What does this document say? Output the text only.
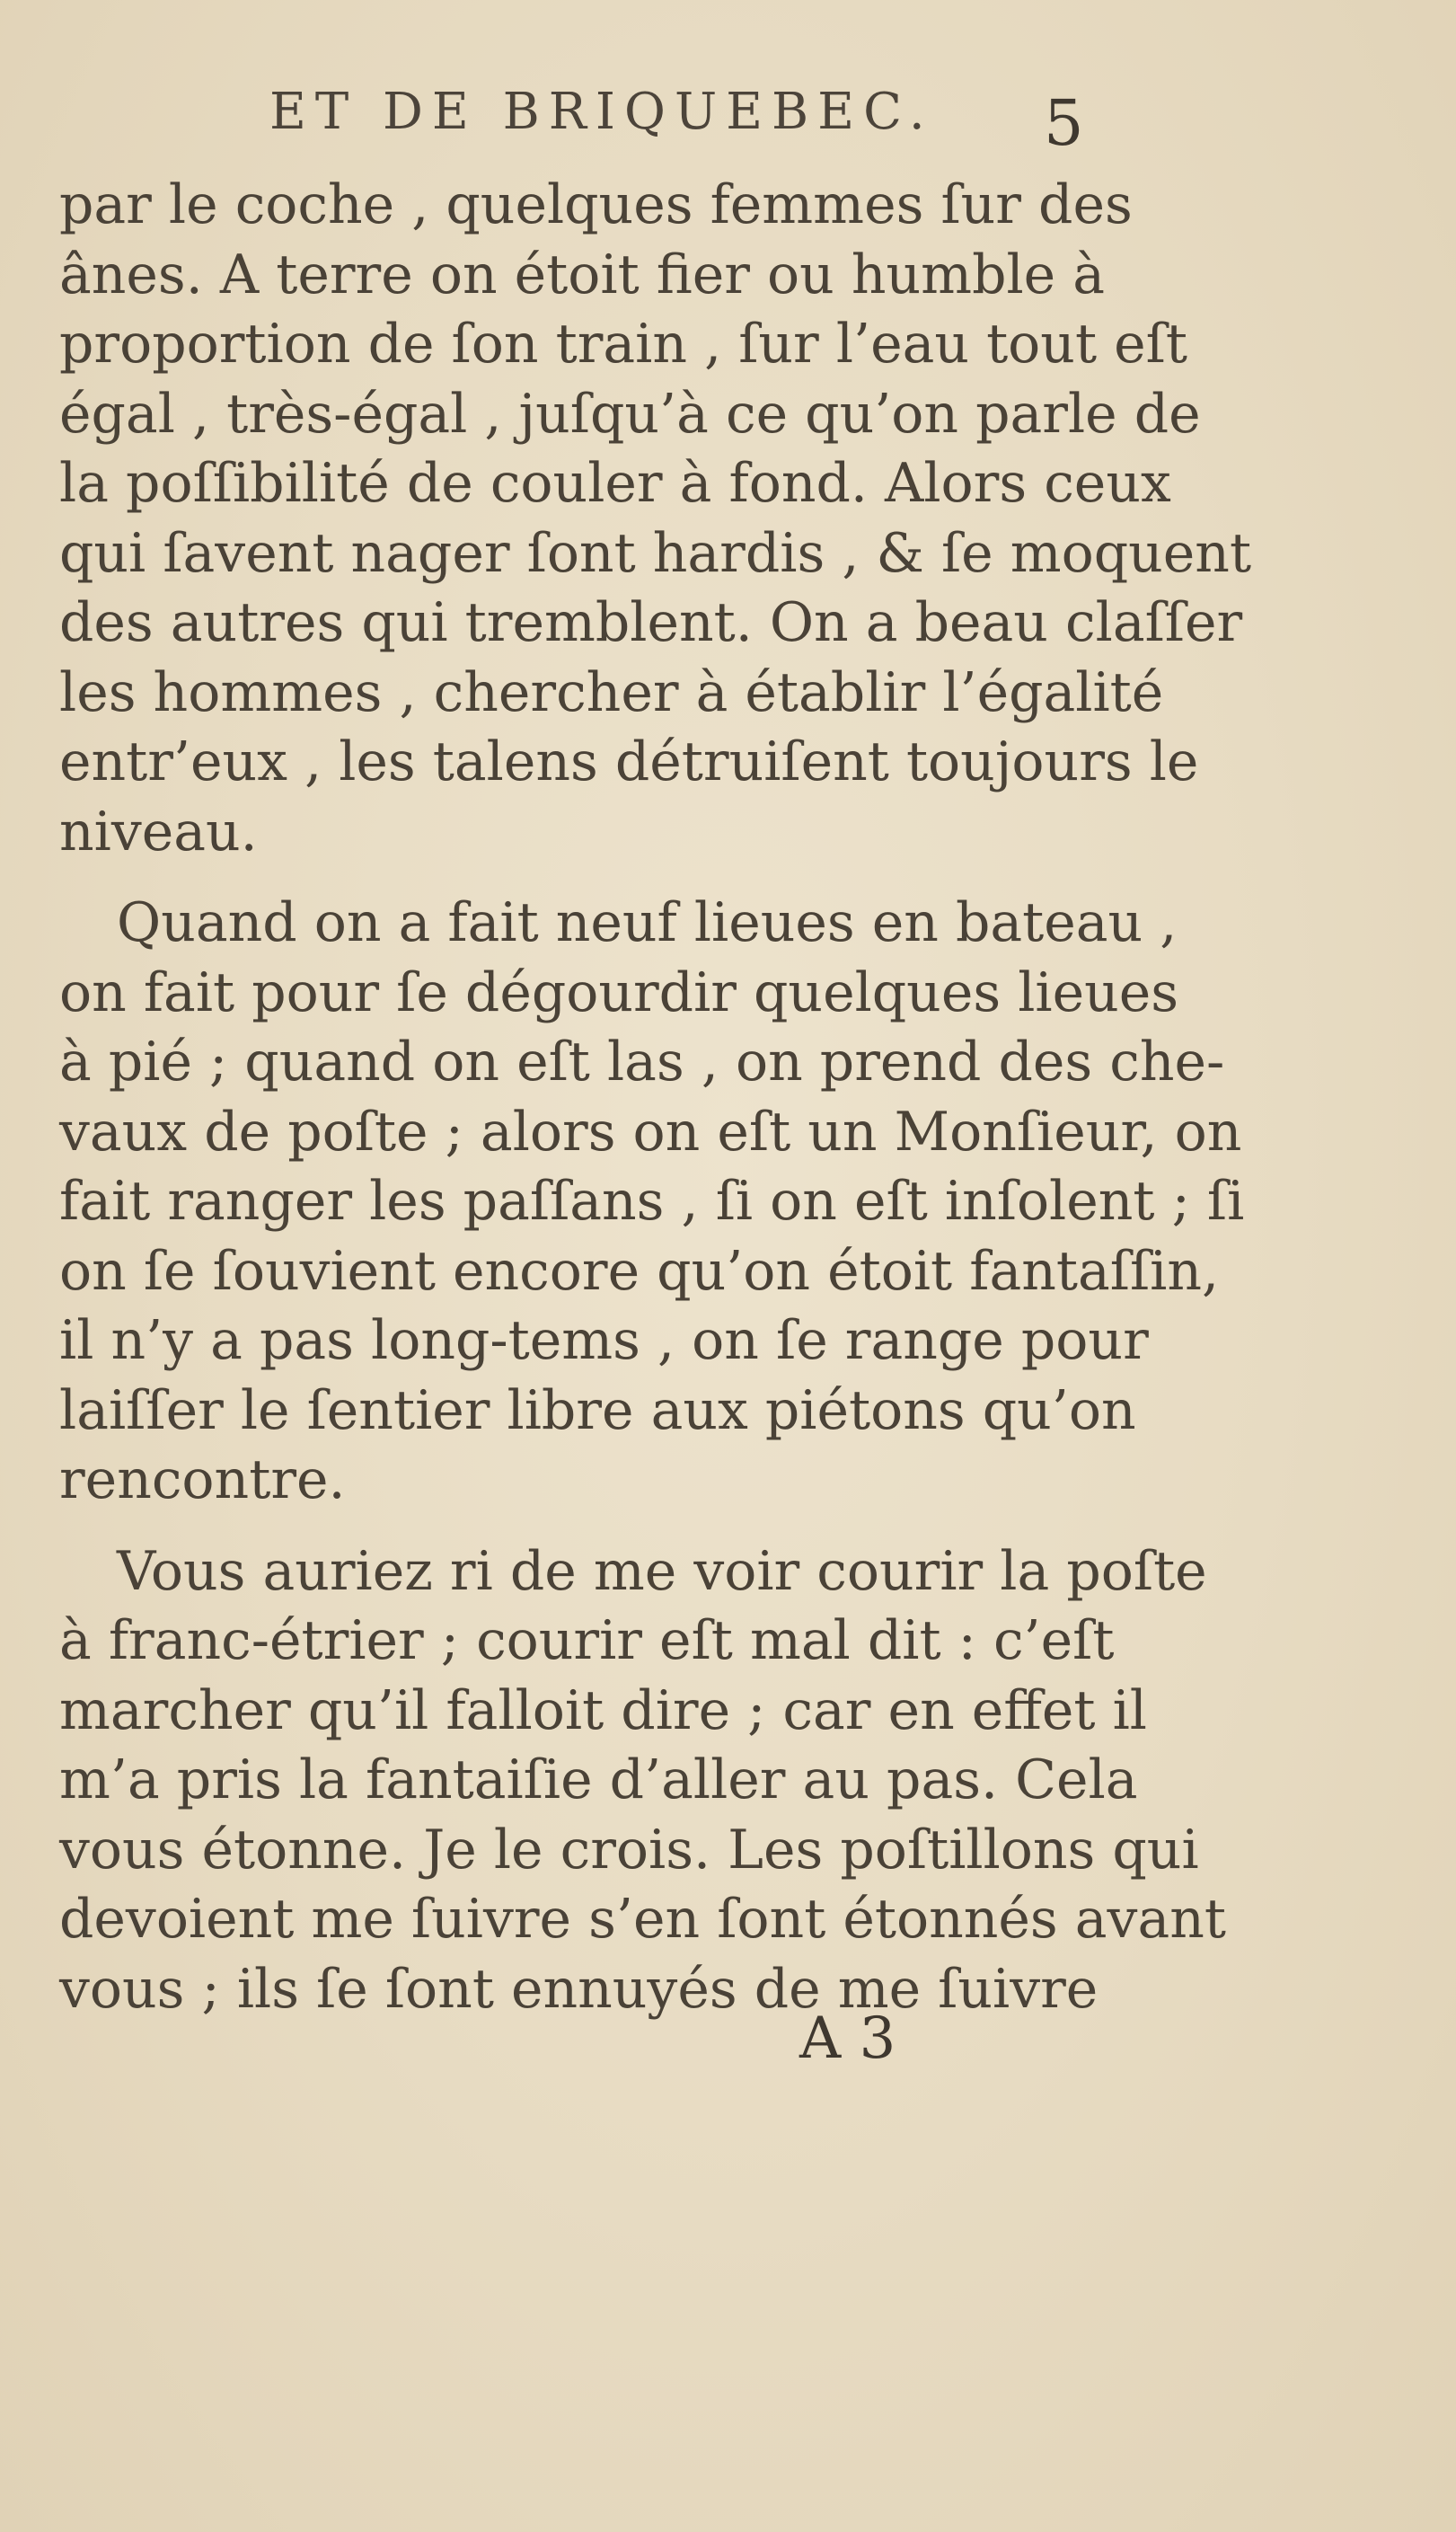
ET DE BRIQUEBEC.	5
par le coche , quelques femmes ſur des
ânes. A terre on étoit fier ou humble à
proportion de ſon train , ſur l’eau tout eſt
égal , très-égal , juſqu’à ce qu’on parle de
la poſſibilité de couler à fond. Alors ceux
qui ſavent nager ſont hardis , & ſe moquent
des autres qui tremblent. On a beau claſſer
les hommes , chercher à établir l’égalité
entr’eux , les talens détruiſent toujours le
niveau.
Quand on a fait neuf lieues en bateau ,
on fait pour ſe dégourdir quelques lieues
à pié ; quand on eſt las , on prend des che-
vaux de poſte ; alors on eſt un Monſieur, on
fait ranger les paſſans , ſi on eſt inſolent ; ſi
on ſe ſouvient encore qu’on étoit fantaſſin,
il n’y a pas long-tems , on ſe range pour
laiſſer le ſentier libre aux piétons qu’on
rencontre.
Vous auriez ri de me voir courir la poſte
à franc-étrier ; courir eſt mal dit : c’eſt
marcher qu’il falloit dire ; car en effet il
m’a pris la fantaiſie d’aller au pas. Cela
vous étonne. Je le crois. Les poſtillons qui
devoient me ſuivre s’en ſont étonnés avant
vous ; ils ſe ſont ennuyés de me ſuivre
A 3
